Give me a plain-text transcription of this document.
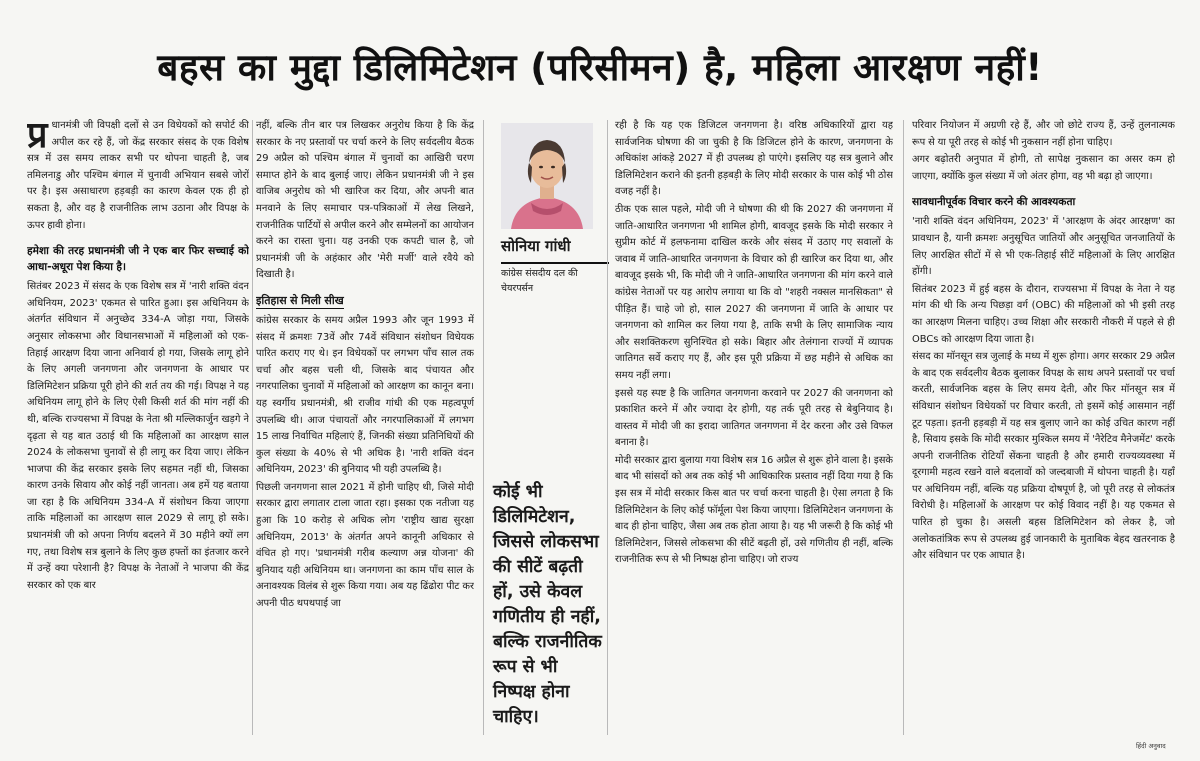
बहस का मुद्दा डिलिमिटेशन (परिसीमन) है, महिला आरक्षण नहीं!

प्र धानमंत्री जी विपक्षी दलों से उन विधेयकों को सपोर्ट की अपील कर रहे हैं, जो केंद्र सरकार संसद के एक विशेष सत्र में उस समय लाकर सभी पर थोपना चाहती है, जब तमिलनाडु और पश्चिम बंगाल में चुनावी अभियान सबसे जोरों पर है। इस असाधारण हड़बड़ी का कारण केवल एक ही हो सकता है, और वह है राजनीतिक लाभ उठाना और विपक्ष के ऊपर हावी होना।

हमेशा की तरह प्रधानमंत्री जी ने एक बार फिर सच्चाई को आधा-अधूरा पेश किया है।

सितंबर 2023 में संसद के एक विशेष सत्र में 'नारी शक्ति वंदन अधिनियम, 2023' एकमत से पारित हुआ। इस अधिनियम के अंतर्गत संविधान में अनुच्छेद 334-A जोड़ा गया, जिसके अनुसार लोकसभा और विधानसभाओं में महिलाओं को एक-तिहाई आरक्षण दिया जाना अनिवार्य हो गया, जिसके लागू होने के लिए अगली जनगणना और जनगणना के आधार पर डिलिमिटेशन प्रक्रिया पूरी होने की शर्त तय की गई। विपक्ष ने यह अधिनियम लागू होने के लिए ऐसी किसी शर्त की मांग नहीं की थी, बल्कि राज्यसभा में विपक्ष के नेता श्री मल्लिकार्जुन खड़गे ने दृढ़ता से यह बात उठाई थी कि महिलाओं का आरक्षण साल 2024 के लोकसभा चुनावों से ही लागू कर दिया जाए। लेकिन भाजपा की केंद्र सरकार इसके लिए सहमत नहीं थी, जिसका कारण उनके सिवाय और कोई नहीं जानता। अब हमें यह बताया जा रहा है कि अधिनियम 334-A में संशोधन किया जाएगा ताकि महिलाओं का आरक्षण साल 2029 से लागू हो सके। प्रधानमंत्री जी को अपना निर्णय बदलने में 30 महीने क्यों लग गए, तथा विशेष सत्र बुलाने के लिए कुछ हफ्तों का इंतजार करने में उन्हें क्या परेशानी है? विपक्ष के नेताओं ने भाजपा की केंद्र सरकार को एक बार

नहीं, बल्कि तीन बार पत्र लिखकर अनुरोध किया है कि केंद्र सरकार के नए प्रस्तावों पर चर्चा करने के लिए सर्वदलीय बैठक 29 अप्रैल को पश्चिम बंगाल में चुनावों का आखिरी चरण समाप्त होने के बाद बुलाई जाए। लेकिन प्रधानमंत्री जी ने इस वाजिब अनुरोध को भी खारिज कर दिया, और अपनी बात मनवाने के लिए समाचार पत्र-पत्रिकाओं में लेख लिखने, राजनीतिक पार्टियों से अपील करने और सम्मेलनों का आयोजन करने का रास्ता चुना। यह उनकी एक कपटी चाल है, जो प्रधानमंत्री जी के अहंकार और 'मेरी मर्जी' वाले रवैये को दिखाती है।

इतिहास से मिली सीख

कांग्रेस सरकार के समय अप्रैल 1993 और जून 1993 में संसद में क्रमशः 73वें और 74वें संविधान संशोधन विधेयक पारित कराए गए थे। इन विधेयकों पर लगभग पाँच साल तक चर्चा और बहस चली थी, जिसके बाद पंचायत और नगरपालिका चुनावों में महिलाओं को आरक्षण का कानून बना। यह स्वर्गीय प्रधानमंत्री, श्री राजीव गांधी की एक महत्वपूर्ण उपलब्धि थी। आज पंचायतों और नगरपालिकाओं में लगभग 15 लाख निर्वाचित महिलाएं हैं, जिनकी संख्या प्रतिनिधियों की कुल संख्या के 40% से भी अधिक है। 'नारी शक्ति वंदन अधिनियम, 2023' की बुनियाद भी यही उपलब्धि है।

पिछली जनगणना साल 2021 में होनी चाहिए थी, जिसे मोदी सरकार द्वारा लगातार टाला जाता रहा। इसका एक नतीजा यह हुआ कि 10 करोड़ से अधिक लोग 'राष्ट्रीय खाद्य सुरक्षा अधिनियम, 2013' के अंतर्गत अपने कानूनी अधिकार से वंचित हो गए। 'प्रधानमंत्री गरीब कल्याण अन्न योजना' की बुनियाद यही अधिनियम था। जनगणना का काम पाँच साल के अनावश्यक विलंब से शुरू किया गया। अब यह ढिंढोरा पीट कर अपनी पीठ थपथपाई जा

सोनिया गांधी
कांग्रेस संसदीय दल की चेयरपर्सन
कोई भी डिलिमिटेशन, जिससे लोकसभा की सीटें बढ़ती हों, उसे केवल गणितीय ही नहीं, बल्कि राजनीतिक रूप से भी निष्पक्ष होना चाहिए।

रही है कि यह एक डिजिटल जनगणना है। वरिष्ठ अधिकारियों द्वारा यह सार्वजनिक घोषणा की जा चुकी है कि डिजिटल होने के कारण, जनगणना के अधिकांश आंकड़े 2027 में ही उपलब्ध हो पाएंगे। इसलिए यह सत्र बुलाने और डिलिमिटेशन कराने की इतनी हड़बड़ी के लिए मोदी सरकार के पास कोई भी ठोस वजह नहीं है।

ठीक एक साल पहले, मोदी जी ने घोषणा की थी कि 2027 की जनगणना में जाति-आधारित जनगणना भी शामिल होगी, बावजूद इसके कि मोदी सरकार ने सुप्रीम कोर्ट में हलफनामा दाखिल करके और संसद में उठाए गए सवालों के जवाब में जाति-आधारित जनगणना के विचार को ही खारिज कर दिया था, और बावजूद इसके भी, कि मोदी जी ने जाति-आधारित जनगणना की मांग करने वाले कांग्रेस नेताओं पर यह आरोप लगाया था कि वो "शहरी नक्सल मानसिकता" से पीड़ित हैं। चाहे जो हो, साल 2027 की जनगणना में जाति के आधार पर जनगणना को शामिल कर लिया गया है, ताकि सभी के लिए सामाजिक न्याय और सशक्तिकरण सुनिश्चित हो सके। बिहार और तेलंगाना राज्यों में व्यापक जातिगत सर्वे कराए गए हैं, और इस पूरी प्रक्रिया में छह महीने से अधिक का समय नहीं लगा।

इससे यह स्पष्ट है कि जातिगत जनगणना करवाने पर 2027 की जनगणना को प्रकाशित करने में और ज्यादा देर होगी, यह तर्क पूरी तरह से बेबुनियाद है। वास्तव में मोदी जी का इरादा जातिगत जनगणना में देर करना और उसे विफल बनाना है।

मोदी सरकार द्वारा बुलाया गया विशेष सत्र 16 अप्रैल से शुरू होने वाला है। इसके बाद भी सांसदों को अब तक कोई भी आधिकारिक प्रस्ताव नहीं दिया गया है कि इस सत्र में मोदी सरकार किस बात पर चर्चा करना चाहती है। ऐसा लगता है कि डिलिमिटेशन के लिए कोई फॉर्मूला पेश किया जाएगा। डिलिमिटेशन जनगणना के बाद ही होना चाहिए, जैसा अब तक होता आया है। यह भी जरूरी है कि कोई भी डिलिमिटेशन, जिससे लोकसभा की सीटें बढ़ती हों, उसे गणितीय ही नहीं, बल्कि राजनीतिक रूप से भी निष्पक्ष होना चाहिए। जो राज्य

परिवार नियोजन में अग्रणी रहे हैं, और जो छोटे राज्य हैं, उन्हें तुलनात्मक रूप से या पूरी तरह से कोई भी नुकसान नहीं होना चाहिए।

अगर बढ़ोतरी अनुपात में होगी, तो सापेक्ष नुकसान का असर कम हो जाएगा, क्योंकि कुल संख्या में जो अंतर होगा, वह भी बढ़ा हो जाएगा।

सावधानीपूर्वक विचार करने की आवश्यकता

'नारी शक्ति वंदन अधिनियम, 2023' में 'आरक्षण के अंदर आरक्षण' का प्रावधान है, यानी क्रमशः अनुसूचित जातियों और अनुसूचित जनजातियों के लिए आरक्षित सीटों में से भी एक-तिहाई सीटें महिलाओं के लिए आरक्षित होंगी।

सितंबर 2023 में हुई बहस के दौरान, राज्यसभा में विपक्ष के नेता ने यह मांग की थी कि अन्य पिछड़ा वर्ग (OBC) की महिलाओं को भी इसी तरह का आरक्षण मिलना चाहिए। उच्च शिक्षा और सरकारी नौकरी में पहले से ही OBCs को आरक्षण दिया जाता है।

संसद का मॉनसून सत्र जुलाई के मध्य में शुरू होगा। अगर सरकार 29 अप्रैल के बाद एक सर्वदलीय बैठक बुलाकर विपक्ष के साथ अपने प्रस्तावों पर चर्चा करती, सार्वजनिक बहस के लिए समय देती, और फिर मॉनसून सत्र में संविधान संशोधन विधेयकों पर विचार करती, तो इसमें कोई आसमान नहीं टूट पड़ता। इतनी हड़बड़ी में यह सत्र बुलाए जाने का कोई उचित कारण नहीं है, सिवाय इसके कि मोदी सरकार मुश्किल समय में 'नैरेटिव मैनेजमेंट' करके अपनी राजनीतिक रोटियाँ सेंकना चाहती है और हमारी राज्यव्यवस्था में दूरगामी महत्व रखने वाले बदलावों को जल्दबाजी में थोपना चाहती है। यहाँ पर अधिनियम नहीं, बल्कि यह प्रक्रिया दोषपूर्ण है, जो पूरी तरह से लोकतंत्र विरोधी है। महिलाओं के आरक्षण पर कोई विवाद नहीं है। यह एकमत से पारित हो चुका है। असली बहस डिलिमिटेशन को लेकर है, जो अलोकतांत्रिक रूप से उपलब्ध हुई जानकारी के मुताबिक बेहद खतरनाक है और संविधान पर एक आघात है।

हिंदी अनुवाद
